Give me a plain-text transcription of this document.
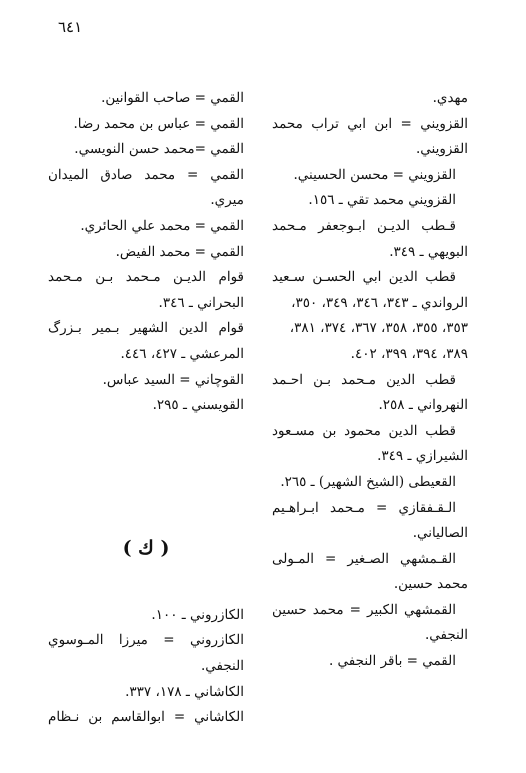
٦٤١
مهدي.
القزويني = ابن ابي تراب محمد
القزويني.
القزويني = محسن الحسيني.
القزويني محمد تقي ـ ١٥٦.
قـطب الديـن ابـوجعفر مـحمد
البويهي ـ ٣٤٩.
قطب الدين ابي الحسـن سـعيد
الرواندي ـ ٣٤٣، ٣٤٦، ٣٤٩، ٣٥٠،
٣٥٣، ٣٥٥، ٣٥٨، ٣٦٧، ٣٧٤، ٣٨١،
٣٨٩، ٣٩٤، ٣٩٩، ٤٠٢.
قطب الدين مـحمد بـن احـمد
النهرواني ـ ٢٥٨.
قطب الدين محمود بن مسـعود
الشيرازي ـ ٣٤٩.
القعيطى (الشيخ الشهير) ـ ٢٦٥.
الـقـفقازي = مـحمد ابـراهـيم
الصالياني.
القـمشهي الصـغير = المـولى
محمد حسين.
القمشهي الكبير = محمد حسين
النجفي.
القمي = باقر النجفي .
القمي = صاحب القوانين.
القمي = عباس بن محمد رضا.
القمي =محمد حسن النويسي.
القمي = محمد صادق الميدان
ميري.
القمي = محمد علي الحائري.
القمي = محمد الفيض.
قوام الديـن مـحمد بـن مـحمد
البحراني ـ ٣٤٦.
قوام الدين الشهير بـمير بـزرگ
المرعشي ـ ٤٢٧، ٤٤٦.
القوچاني = السيد عباس.
القويسني ـ ٢٩٥.
( ك )
الكازروني ـ ١٠٠.
الكازروني = ميرزا المـوسوي
النجفي.
الكاشاني ـ ١٧٨، ٣٣٧.
الكاشاني = ابوالقاسم بن نـظام
